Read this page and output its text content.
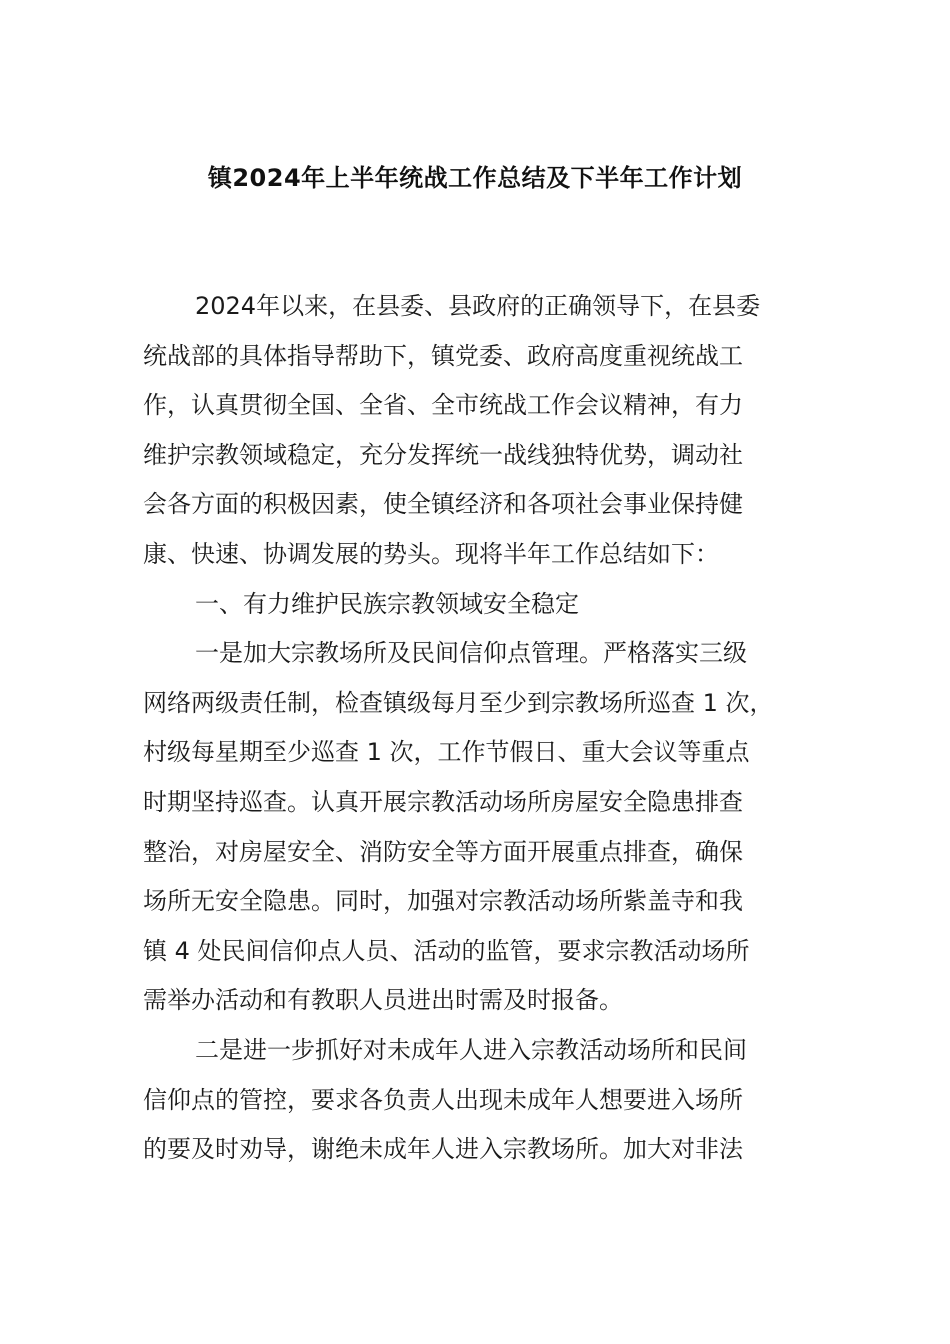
镇2024年上半年统战工作总结及下半年工作计划
2024年以来，在县委、县政府的正确领导下，在县委
统战部的具体指导帮助下，镇党委、政府高度重视统战工
作，认真贯彻全国、全省、全市统战工作会议精神，有力
维护宗教领域稳定，充分发挥统一战线独特优势，调动社
会各方面的积极因素，使全镇经济和各项社会事业保持健
康、快速、协调发展的势头。现将半年工作总结如下：
一、有力维护民族宗教领域安全稳定
一是加大宗教场所及民间信仰点管理。严格落实三级
网络两级责任制，检查镇级每月至少到宗教场所巡查 1 次，
村级每星期至少巡查 1 次，工作节假日、重大会议等重点
时期坚持巡查。认真开展宗教活动场所房屋安全隐患排查
整治，对房屋安全、消防安全等方面开展重点排查，确保
场所无安全隐患。同时，加强对宗教活动场所紫盖寺和我
镇 4 处民间信仰点人员、活动的监管，要求宗教活动场所
需举办活动和有教职人员进出时需及时报备。
二是进一步抓好对未成年人进入宗教活动场所和民间
信仰点的管控，要求各负责人出现未成年人想要进入场所
的要及时劝导，谢绝未成年人进入宗教场所。加大对非法
